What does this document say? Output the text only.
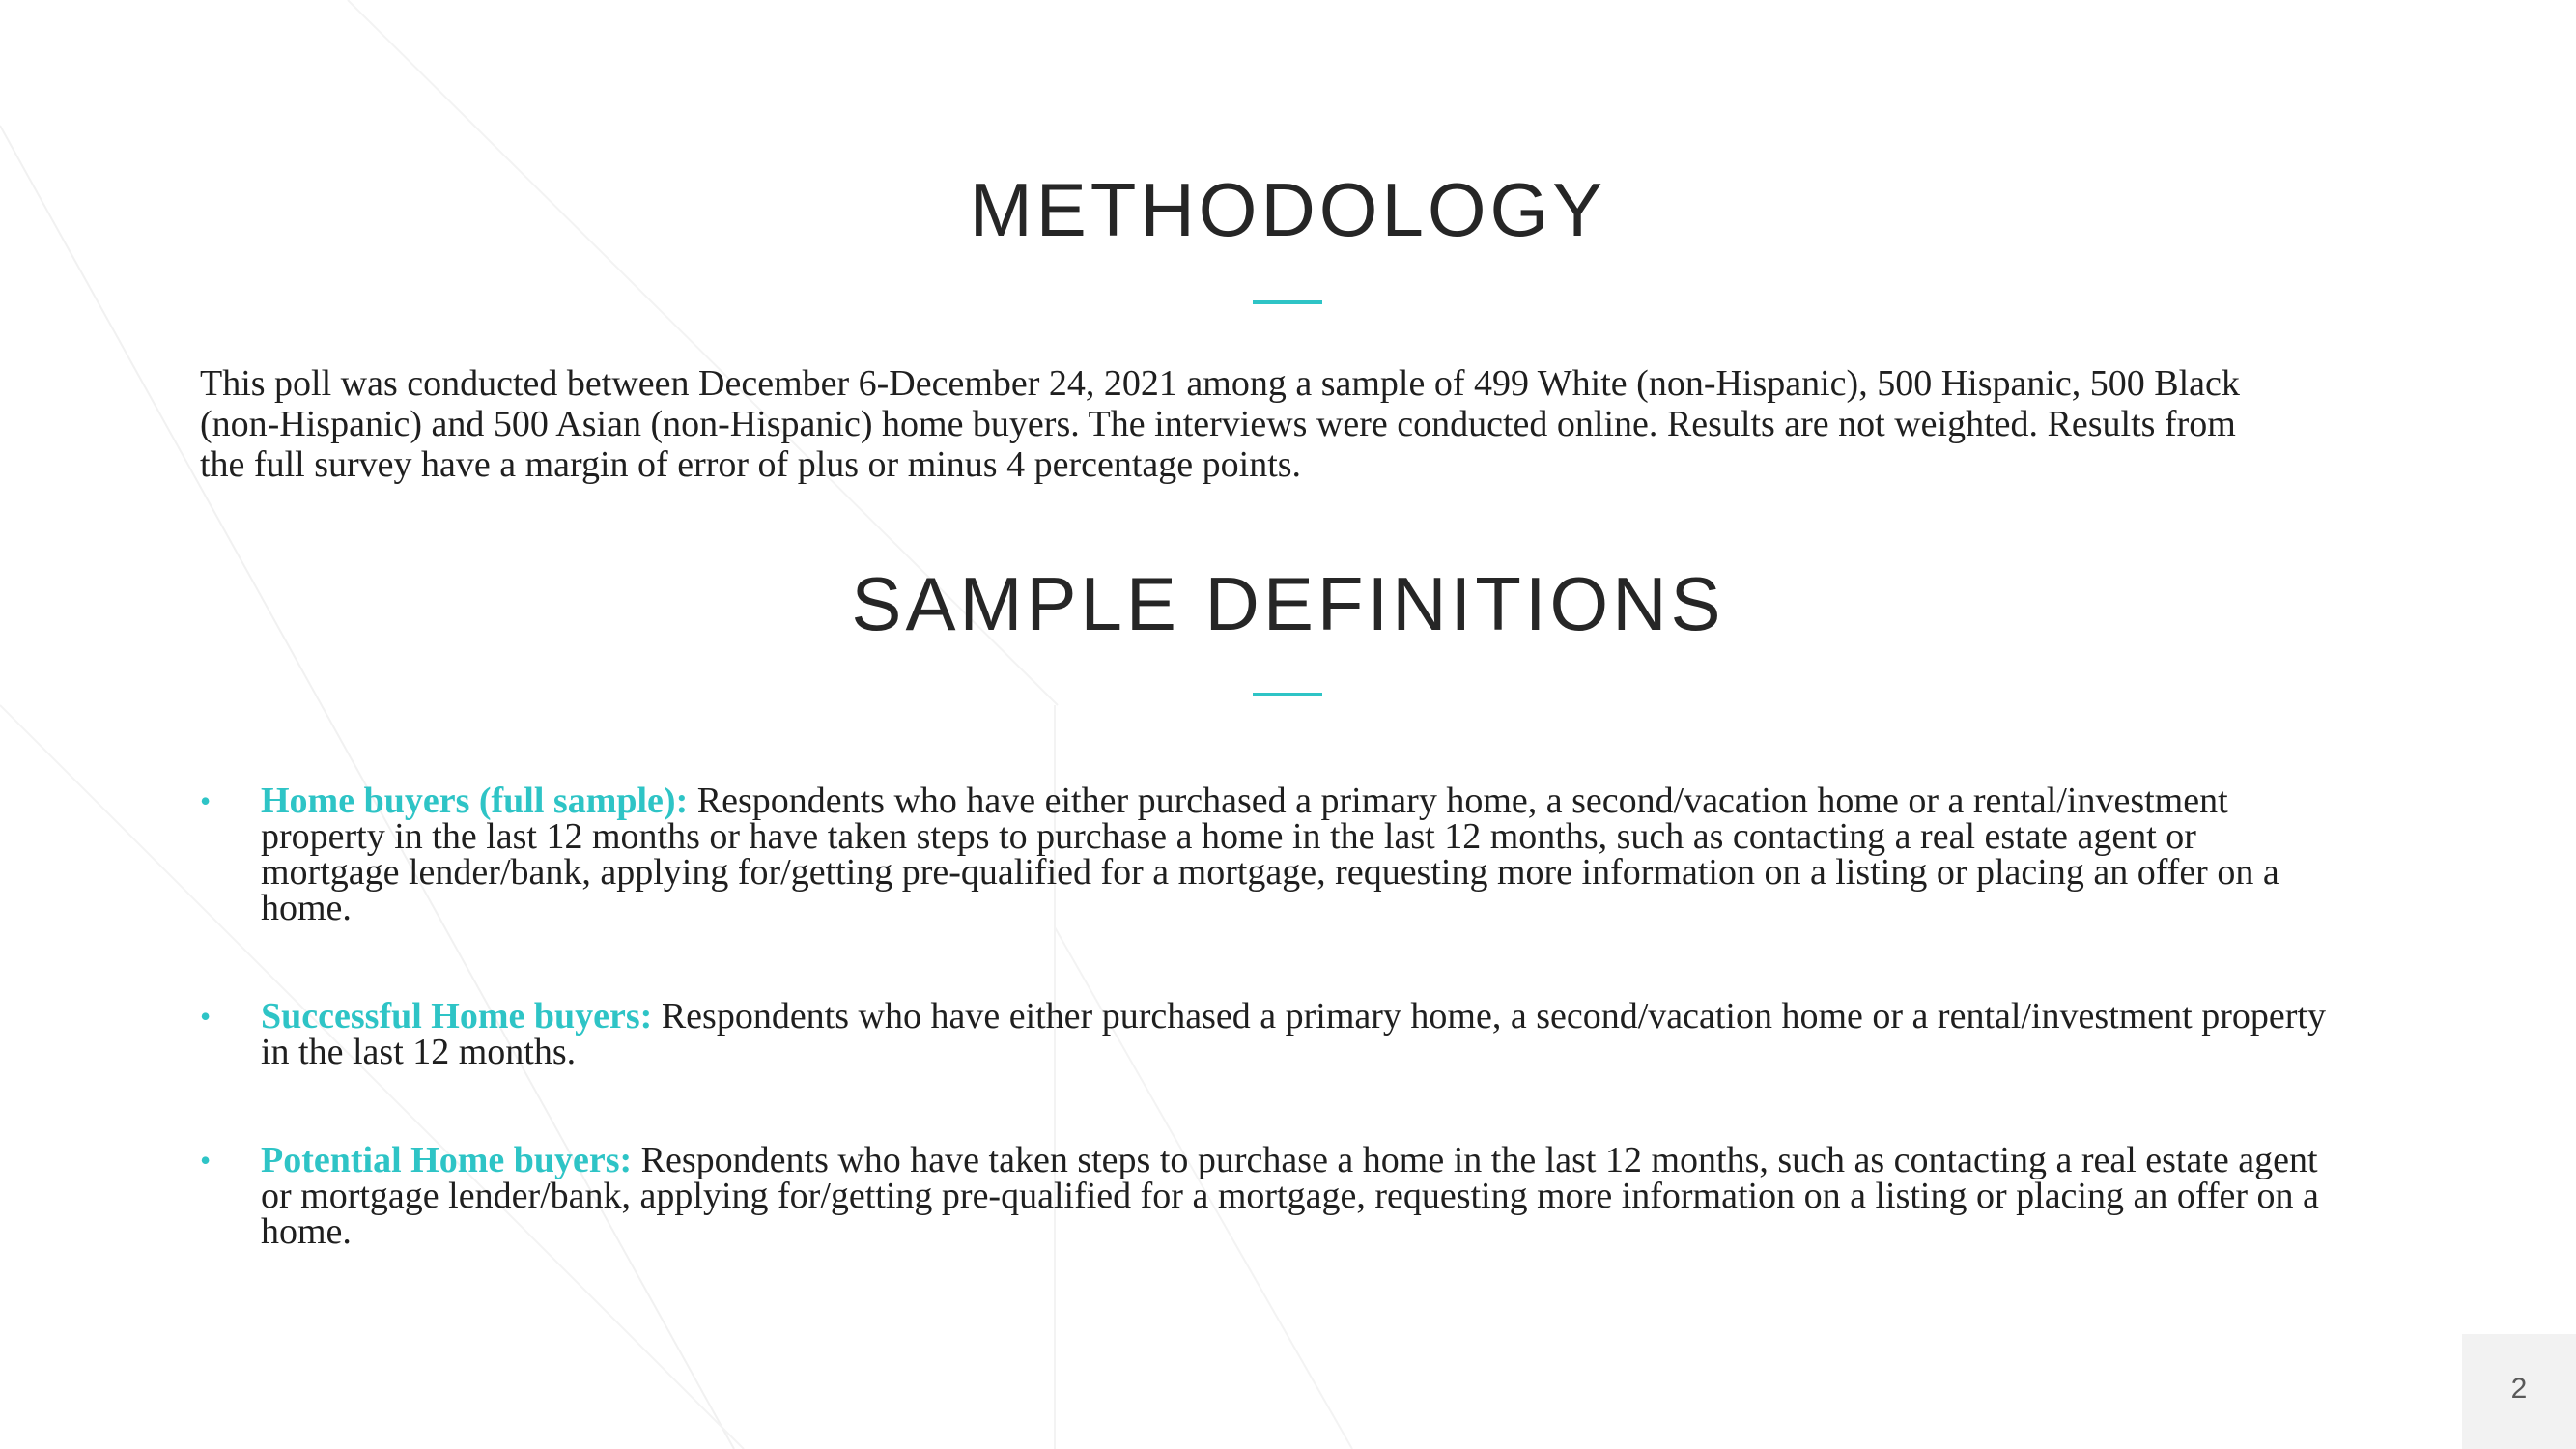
METHODOLOGY

This poll was conducted between December 6-December 24, 2021 among a sample of 499 White (non-Hispanic), 500 Hispanic, 500 Black (non-Hispanic) and 500 Asian (non-Hispanic) home buyers. The interviews were conducted online. Results are not weighted. Results from the full survey have a margin of error of plus or minus 4 percentage points.

SAMPLE DEFINITIONS
• Home buyers (full sample): Respondents who have either purchased a primary home, a second/vacation home or a rental/investment property in the last 12 months or have taken steps to purchase a home in the last 12 months, such as contacting a real estate agent or mortgage lender/bank, applying for/getting pre-qualified for a mortgage, requesting more information on a listing or placing an offer on a home.

• Successful Home buyers: Respondents who have either purchased a primary home, a second/vacation home or a rental/investment property in the last 12 months.

• Potential Home buyers: Respondents who have taken steps to purchase a home in the last 12 months, such as contacting a real estate agent or mortgage lender/bank, applying for/getting pre-qualified for a mortgage, requesting more information on a listing or placing an offer on a home.

2
